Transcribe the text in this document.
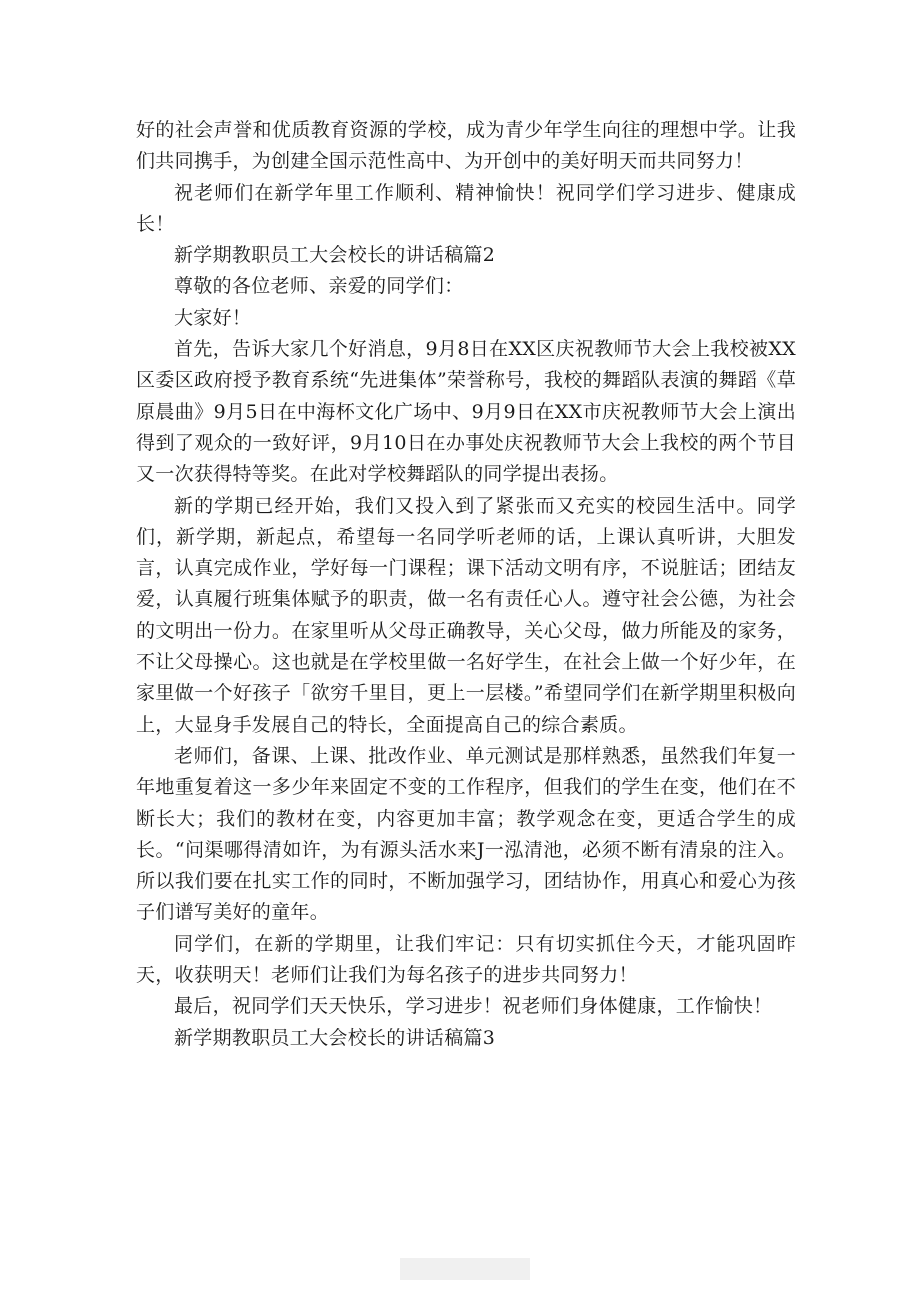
好的社会声誉和优质教育资源的学校，成为青少年学生向往的理想中学。让我们共同携手，为创建全国示范性高中、为开创中的美好明天而共同努力！

祝老师们在新学年里工作顺利、精神愉快！祝同学们学习进步、健康成长！

新学期教职员工大会校长的讲话稿篇2

尊敬的各位老师、亲爱的同学们：

大家好！

首先，告诉大家几个好消息，9月8日在XX区庆祝教师节大会上我校被XX区委区政府授予教育系统“先进集体”荣誉称号，我校的舞蹈队表演的舞蹈《草原晨曲》9月5日在中海杯文化广场中、9月9日在XX市庆祝教师节大会上演出得到了观众的一致好评，9月10日在办事处庆祝教师节大会上我校的两个节目又一次获得特等奖。在此对学校舞蹈队的同学提出表扬。

新的学期已经开始，我们又投入到了紧张而又充实的校园生活中。同学们，新学期，新起点，希望每一名同学听老师的话，上课认真听讲，大胆发言，认真完成作业，学好每一门课程；课下活动文明有序，不说脏话；团结友爱，认真履行班集体赋予的职责，做一名有责任心人。遵守社会公德，为社会的文明出一份力。在家里听从父母正确教导，关心父母，做力所能及的家务，不让父母操心。这也就是在学校里做一名好学生，在社会上做一个好少年，在家里做一个好孩子「欲穷千里目，更上一层楼。”希望同学们在新学期里积极向上，大显身手发展自己的特长，全面提高自己的综合素质。

老师们，备课、上课、批改作业、单元测试是那样熟悉，虽然我们年复一年地重复着这一多少年来固定不变的工作程序，但我们的学生在变，他们在不断长大；我们的教材在变，内容更加丰富；教学观念在变，更适合学生的成长。“问渠哪得清如许，为有源头活水来J一泓清池，必须不断有清泉的注入。所以我们要在扎实工作的同时，不断加强学习，团结协作，用真心和爱心为孩子们谱写美好的童年。

同学们，在新的学期里，让我们牢记：只有切实抓住今天，才能巩固昨天，收获明天！老师们让我们为每名孩子的进步共同努力！

最后，祝同学们天天快乐，学习进步！祝老师们身体健康，工作愉快！

新学期教职员工大会校长的讲话稿篇3
